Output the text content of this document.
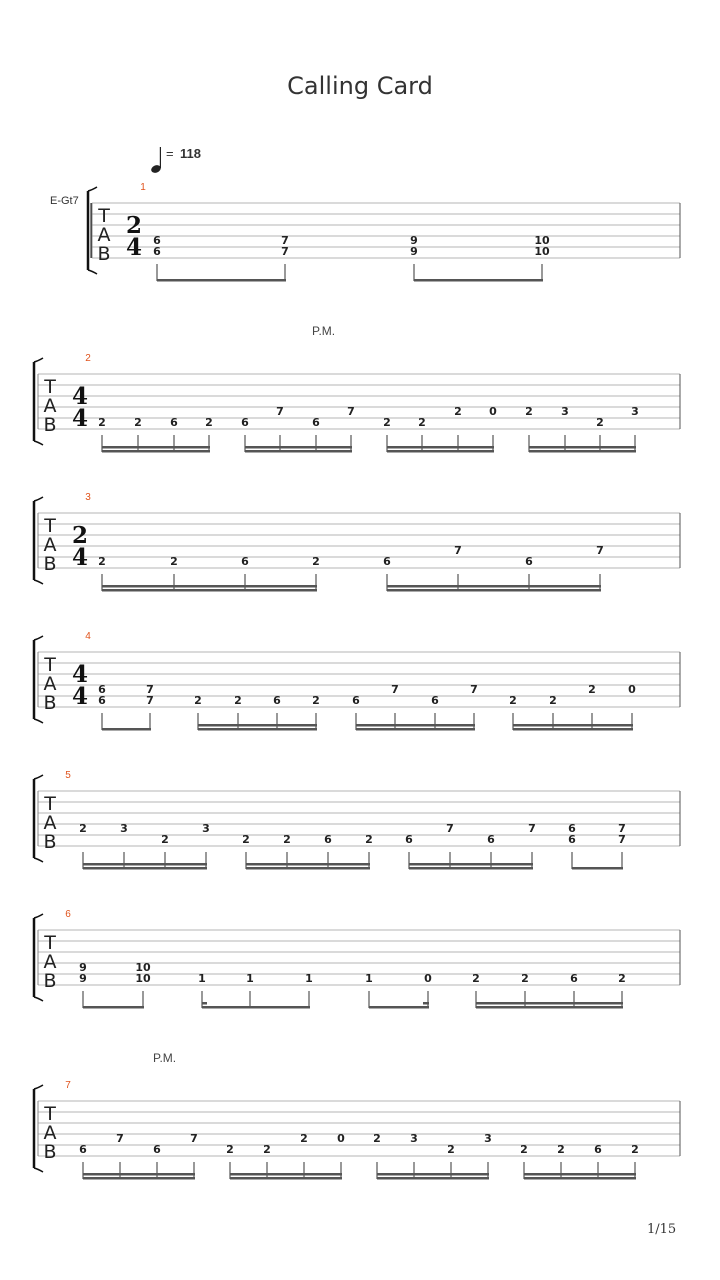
Calling Card
= 118
E-Gt7
P.M.
P.M.
T
A
B
1
2
4 6
6
7
7
9
9
10
10
T
A
B
2
4
4 2	2	6 2	6
7
6
7
2 2
2 0	2	3
2
3
T
A
B
3
2
4 2	2	6	2	6
7
6
7
T
A
B
4
4
4 6
6
7
7	2	2	6	2	6
7
6
7
2	2
2	0
T
A
B
5
2	3
2
3
2	2	6	2	6
7
6
7	6
6
7
7
T
A
B
6
9
9
10
10	1	1	1	1	0	2	2	6	2
T
A
B
7
6
7
6
7
2	2
2	0	2	3
2
3
2	2	6	2
1/15
